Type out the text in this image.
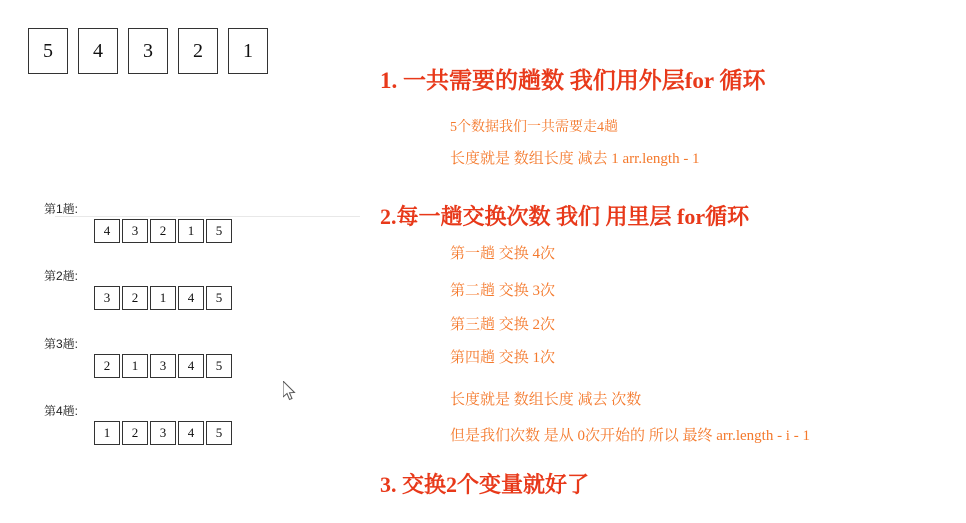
5	4	3	2	1
第1趟:
4	3	2	1	5
第2趟:
3	2	1	4	5
第3趟:
2	1	3	4	5
第4趟:
1	2	3	4	5
1. 一共需要的趟数 我们用外层for 循环
5个数据我们一共需要走4趟
长度就是 数组长度 减去 1 arr.length - 1
2.每一趟交换次数 我们 用里层 for循环
第一趟 交换 4次
第二趟 交换 3次
第三趟 交换 2次
第四趟 交换 1次
长度就是 数组长度 减去 次数
但是我们次数 是从 0次开始的 所以 最终 arr.length - i - 1
3. 交换2个变量就好了
